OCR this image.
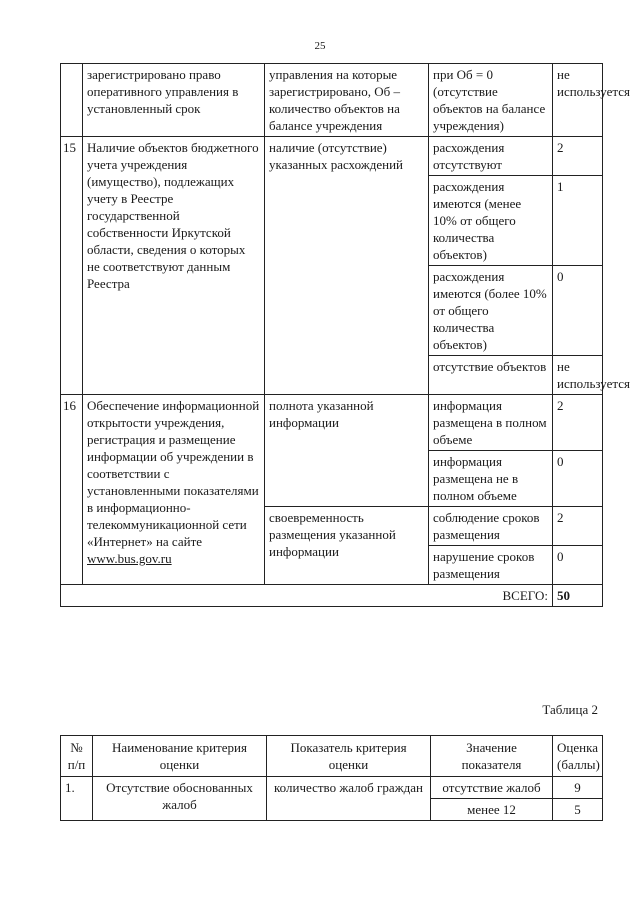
25
	зарегистрировано право оперативного управления в установленный срок	управления на которые зарегистрировано, Oб – количество объектов на балансе учреждения	при Oб = 0 (отсутствие объектов на балансе учреждения)	не используется
15	Наличие объектов бюджетного учета учреждения (имущество), подлежащих учету в Реестре государственной собственности Иркутской области, сведения о которых не соответствуют данным Реестра	наличие (отсутствие) указанных расхождений	расхождения отсутствуют	2
			расхождения имеются (менее 10% от общего количества объектов)	1
			расхождения имеются (более 10% от общего количества объектов)	0
			отсутствие объектов	не используется
16	Обеспечение информационной открытости учреждения, регистрация и размещение информации об учреждении в соответствии с установленными показателями в информационно-телекоммуникационной сети «Интернет» на сайте www.bus.gov.ru	полнота указанной информации	информация размещена в полном объеме	2
			информация размещена не в полном объеме	0
		своевременность размещения указанной информации	соблюдение сроков размещения	2
			нарушение сроков размещения	0
ВСЕГО:				50
Таблица 2
№ п/п	Наименование критерия оценки	Показатель критерия оценки	Значение показателя	Оценка (баллы)
1.	Отсутствие обоснованных жалоб	количество жалоб граждан	отсутствие жалоб	9
			менее 12	5
